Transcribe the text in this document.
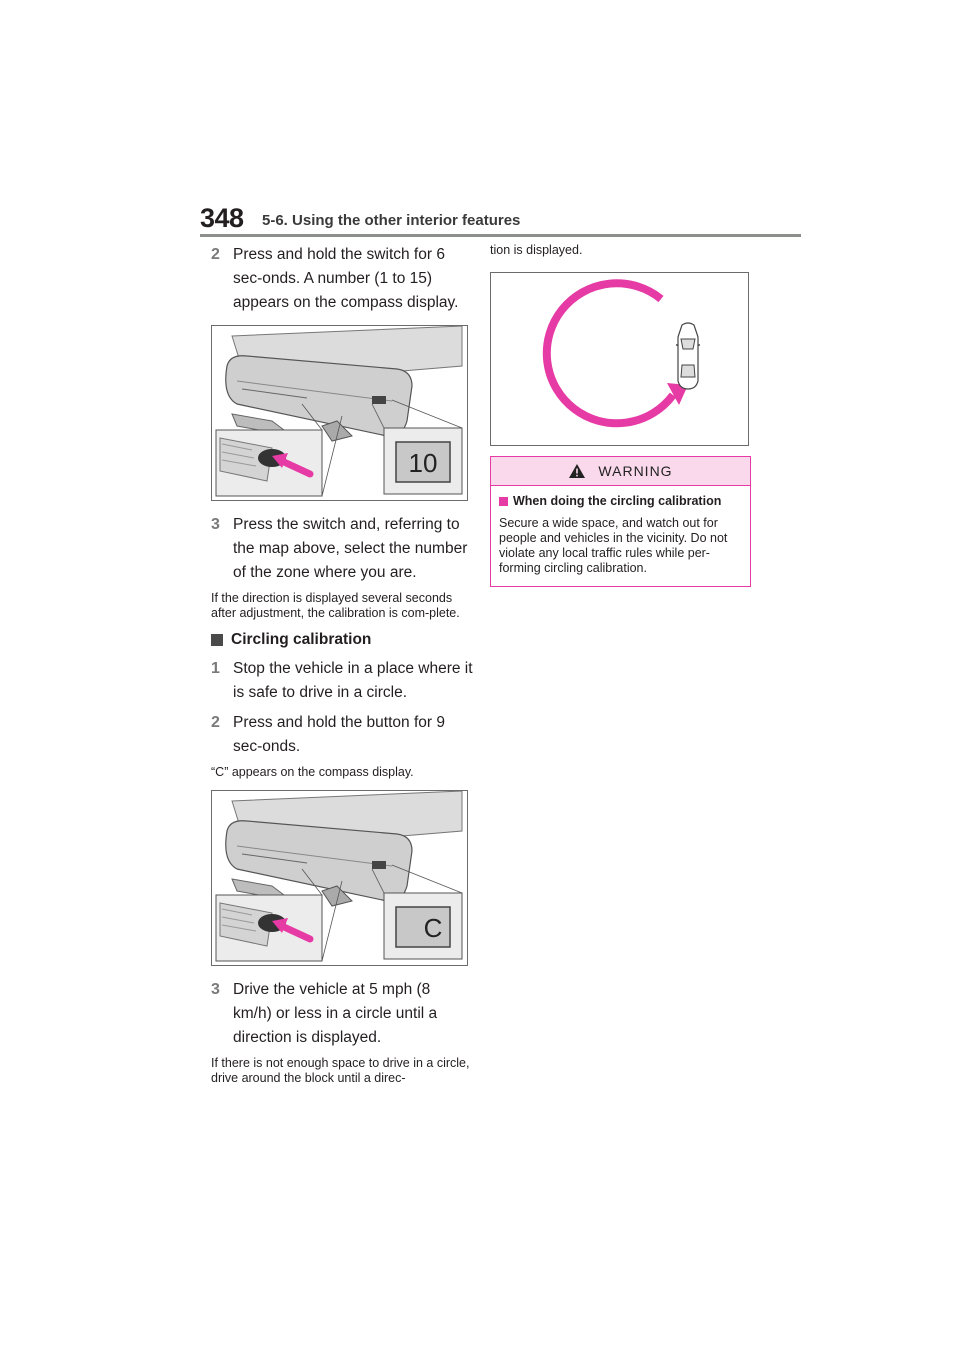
348 5-6. Using the other interior features
2 Press and hold the switch for 6 sec-onds. A number (1 to 15) appears on the compass display.
10
3 Press the switch and, referring to the map above, select the number of the zone where you are.
If the direction is displayed several seconds after adjustment, the calibration is com-plete.
Circling calibration
1 Stop the vehicle in a place where it is safe to drive in a circle.
2 Press and hold the button for 9 sec-onds.
“C” appears on the compass display.
C
3 Drive the vehicle at 5 mph (8 km/h) or less in a circle until a direction is displayed.
If there is not enough space to drive in a circle, drive around the block until a direc-
tion is displayed.
WARNING
When doing the circling calibration
Secure a wide space, and watch out for people and vehicles in the vicinity. Do not violate any local traffic rules while per-forming circling calibration.
